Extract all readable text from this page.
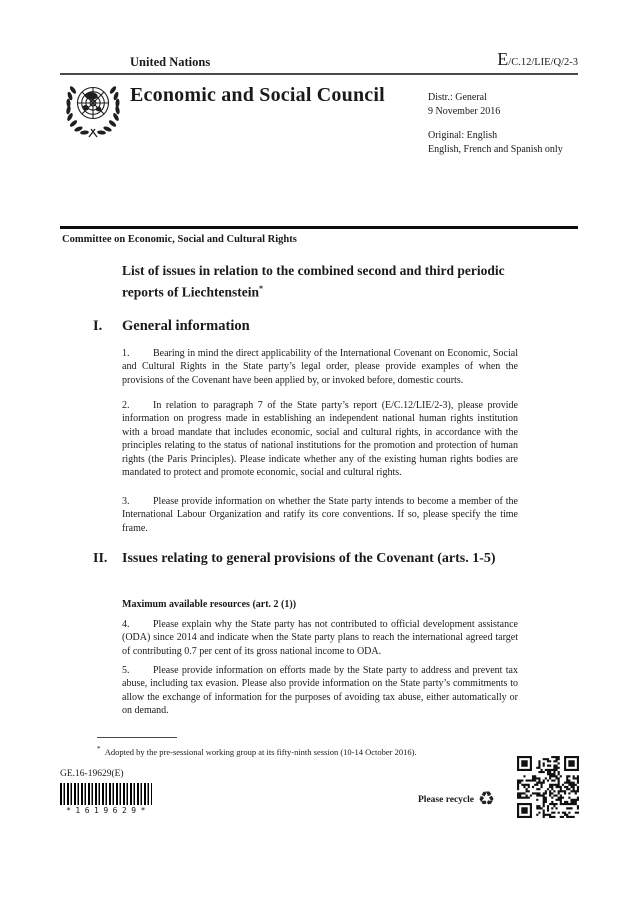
United Nations	E /C.12/LIE/Q/2-3
Economic and Social Council	Distr.: General
9 November 2016
Original: English
English, French and Spanish only
Committee on Economic, Social and Cultural Rights
List of issues in relation to the combined second and third periodic reports of Liechtenstein*
I.	General information
1. Bearing in mind the direct applicability of the International Covenant on Economic, Social and Cultural Rights in the State party’s legal order, please provide examples of when the provisions of the Covenant have been applied by, or invoked before, domestic courts.
2. In relation to paragraph 7 of the State party’s report (E/C.12/LIE/2-3), please provide information on progress made in establishing an independent national human rights institution with a broad mandate that includes economic, social and cultural rights, in accordance with the principles relating to the status of national institutions for the promotion and protection of human rights (the Paris Principles). Please indicate whether any of the existing human rights bodies are mandated to protect and promote economic, social and cultural rights.
3. Please provide information on whether the State party intends to become a member of the International Labour Organization and ratify its core conventions. If so, please specify the time frame.
II.	Issues relating to general provisions of the Covenant (arts. 1-5)
Maximum available resources (art. 2 (1))
4. Please explain why the State party has not contributed to official development assistance (ODA) since 2014 and indicate when the State party plans to reach the international agreed target of contributing 0.7 per cent of its gross national income to ODA.
5. Please provide information on efforts made by the State party to address and prevent tax abuse, including tax evasion. Please also provide information on the State party’s commitments to allow the exchange of information for the purposes of avoiding tax abuse, either automatically or on demand.
* Adopted by the pre-sessional working group at its fifty-ninth session (10-14 October 2016).
GE.16-19629(E)
*1619629*
Please recycle ♻
